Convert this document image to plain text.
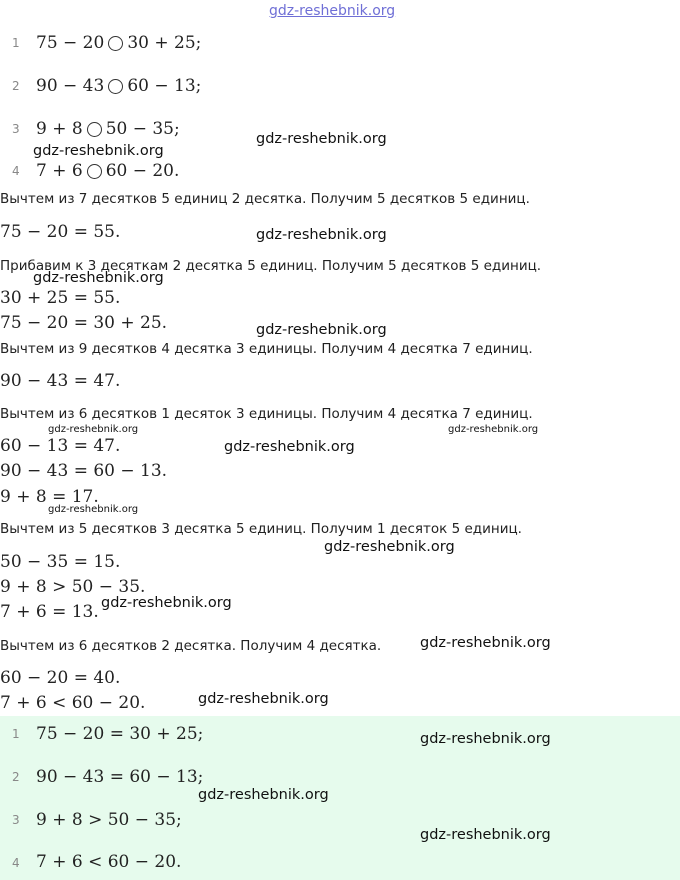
gdz-reshebnik.org
1 75 − 20 30 + 25;
2 90 − 43 60 − 13;
3 9 + 8 50 − 35;
4 7 + 6 60 − 20.
Вычтем из 7 десятков 5 единиц 2 десятка. Получим 5 десятков 5 единиц.
75 − 20 = 55.
Прибавим к 3 десяткам 2 десятка 5 единиц. Получим 5 десятков 5 единиц.
30 + 25 = 55.
75 − 20 = 30 + 25.
Вычтем из 9 десятков 4 десятка 3 единицы. Получим 4 десятка 7 единиц.
90 − 43 = 47.
Вычтем из 6 десятков 1 десяток 3 единицы. Получим 4 десятка 7 единиц.
60 − 13 = 47.
90 − 43 = 60 − 13.
9 + 8 = 17.
Вычтем из 5 десятков 3 десятка 5 единиц. Получим 1 десяток 5 единиц.
50 − 35 = 15.
9 + 8 > 50 − 35.
7 + 6 = 13.
Вычтем из 6 десятков 2 десятка. Получим 4 десятка.
60 − 20 = 40.
7 + 6 < 60 − 20.
1 75 − 20 = 30 + 25;
2 90 − 43 = 60 − 13;
3 9 + 8 > 50 − 35;
4 7 + 6 < 60 − 20.
gdz-reshebnik.org
gdz-reshebnik.org
gdz-reshebnik.org
gdz-reshebnik.org
gdz-reshebnik.org
gdz-reshebnik.org	gdz-reshebnik.org
gdz-reshebnik.org
gdz-reshebnik.org
gdz-reshebnik.org
gdz-reshebnik.org
gdz-reshebnik.org
gdz-reshebnik.org
gdz-reshebnik.org
gdz-reshebnik.org
gdz-reshebnik.org
